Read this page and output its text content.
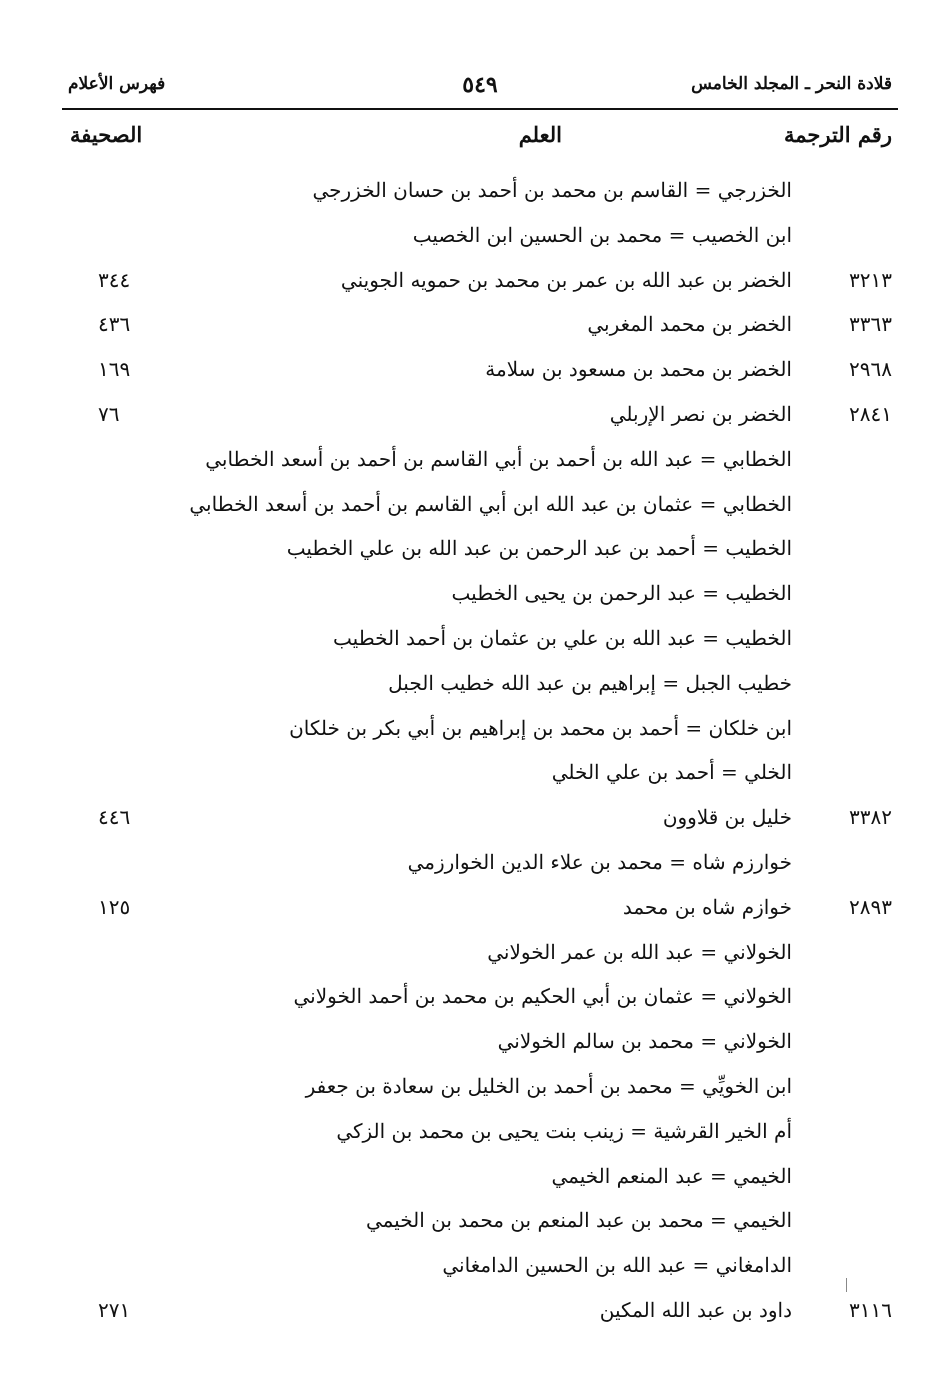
قلادة النحر ـ المجلد الخامس
٥٤٩
فهرس الأعلام
رقم الترجمة
العلم
الصحيفة
الخزرجي = القاسم بن محمد بن أحمد بن حسان الخزرجي
ابن الخصيب = محمد بن الحسين ابن الخصيب
٣٢١٣
الخضر بن عبد الله بن عمر بن محمد بن حمويه الجويني
٣٤٤
٣٣٦٣
الخضر بن محمد المغربي
٤٣٦
٢٩٦٨
الخضر بن محمد بن مسعود بن سلامة
١٦٩
٢٨٤١
الخضر بن نصر الإربلي
٧٦
الخطابي = عبد الله بن أحمد بن أبي القاسم بن أحمد بن أسعد الخطابي
الخطابي = عثمان بن عبد الله ابن أبي القاسم بن أحمد بن أسعد الخطابي
الخطيب = أحمد بن عبد الرحمن بن عبد الله بن علي الخطيب
الخطيب = عبد الرحمن بن يحيى الخطيب
الخطيب = عبد الله بن علي بن عثمان بن أحمد الخطيب
خطيب الجبل = إبراهيم بن عبد الله خطيب الجبل
ابن خلكان = أحمد بن محمد بن إبراهيم بن أبي بكر بن خلكان
الخلي = أحمد بن علي الخلي
٣٣٨٢
خليل بن قلاوون
٤٤٦
خوارزم شاه = محمد بن علاء الدين الخوارزمي
٢٨٩٣
خوازم شاه بن محمد
١٢٥
الخولاني = عبد الله بن عمر الخولاني
الخولاني = عثمان بن أبي الحكيم بن محمد بن أحمد الخولاني
الخولاني = محمد بن سالم الخولاني
ابن الخويِّي = محمد بن أحمد بن الخليل بن سعادة بن جعفر
أم الخير القرشية = زينب بنت يحيى بن محمد بن الزكي
الخيمي = عبد المنعم الخيمي
الخيمي = محمد بن عبد المنعم بن محمد بن الخيمي
الدامغاني = عبد الله بن الحسين الدامغاني
٣١١٦
داود بن عبد الله المكين
٢٧١
